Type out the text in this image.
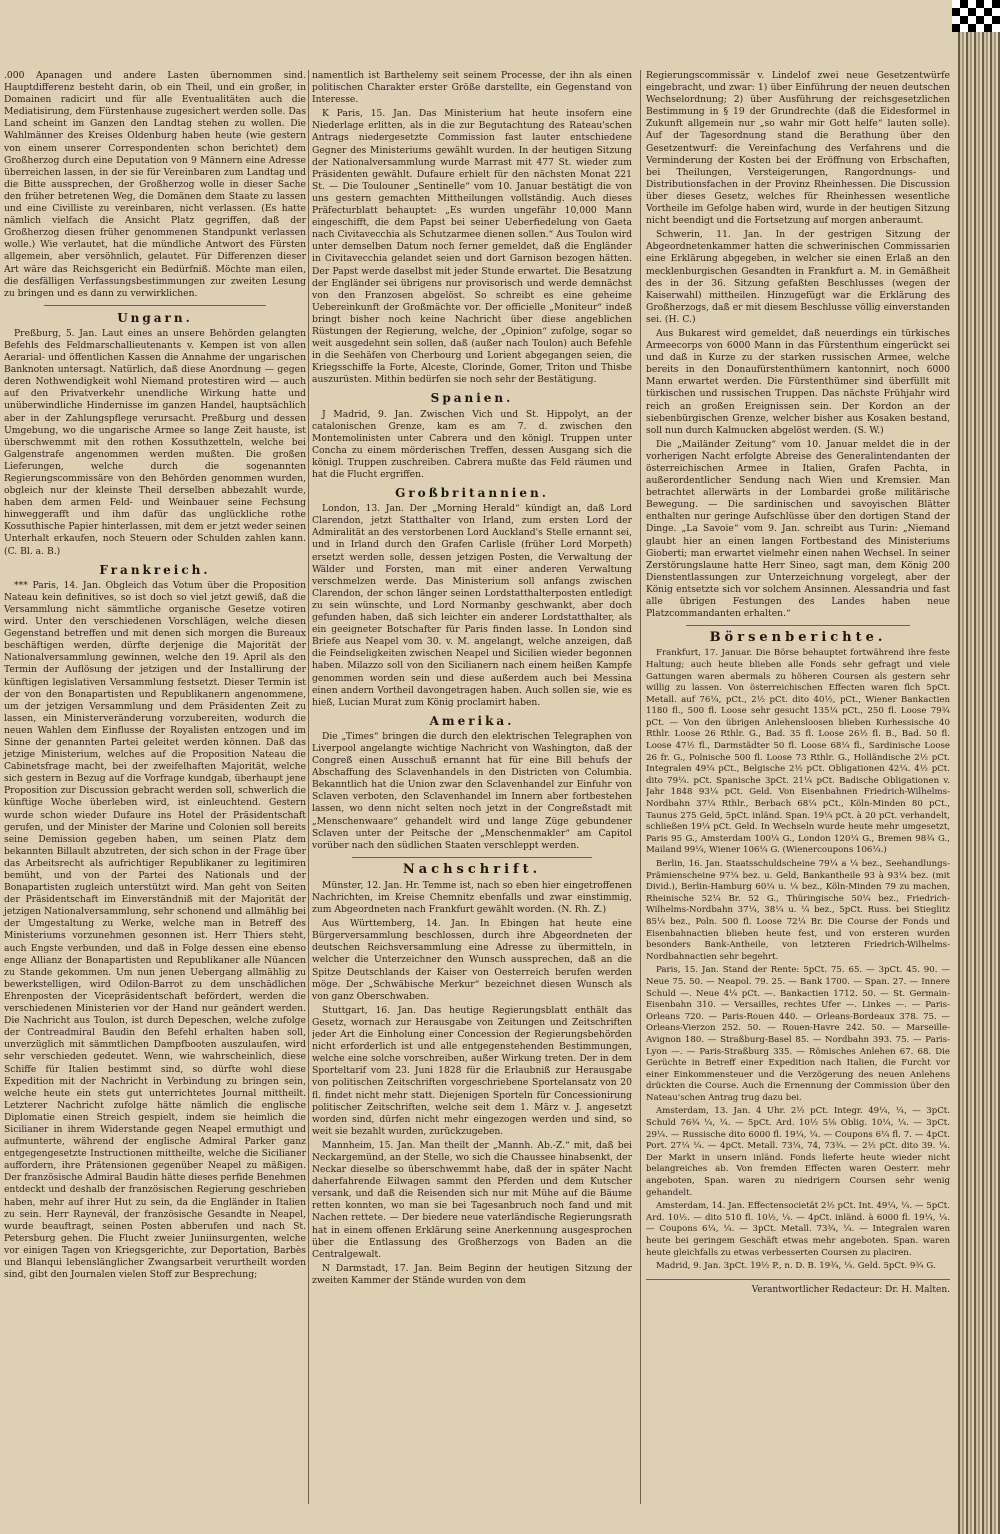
.000 Apanagen und andere Lasten übernommen sind. Hauptdifferenz besteht darin, ob ein Theil, und ein großer, in Domainen radicirt und für alle Eventualitäten auch die Mediatisirung, dem Fürstenhause zugesichert werden solle. Das Land scheint im Ganzen den Landtag stehen zu wollen. Die Wahlmänner des Kreises Oldenburg haben heute (wie gestern von einem unserer Correspondenten schon berichtet) dem Großherzog durch eine Deputation von 9 Männern eine Adresse überreichen lassen, in der sie für Vereinbaren zum Landtag und die Bitte aussprechen, der Großherzog wolle in dieser Sache den früher betretenen Weg, die Domänen dem Staate zu lassen und eine Civilliste zu vereinbaren, nicht verlassen. (Es hatte nämlich vielfach die Ansicht Platz gegriffen, daß der Großherzog diesen früher genommenen Standpunkt verlassen wolle.) Wie verlautet, hat die mündliche Antwort des Fürsten allgemein, aber versöhnlich, gelautet. Für Differenzen dieser Art wäre das Reichsgericht ein Bedürfniß. Möchte man eilen, die desfälligen Verfassungsbestimmungen zur zweiten Lesung zu bringen und es dann zu verwirklichen.

Ungarn.

Preßburg, 5. Jan. Laut eines an unsere Behörden gelangten Befehls des Feldmarschallieutenants v. Kempen ist von allen Aerarial- und öffentlichen Kassen die Annahme der ungarischen Banknoten untersagt. Natürlich, daß diese Anordnung — gegen deren Nothwendigkeit wohl Niemand protestiren wird — auch auf den Privatverkehr unendliche Wirkung hatte und unüberwindliche Hindernisse im ganzen Handel, hauptsächlich aber in der Zahlungspflege verursacht. Preßburg und dessen Umgebung, wo die ungarische Armee so lange Zeit hauste, ist überschwemmt mit den rothen Kossuthzetteln, welche bei Galgenstrafe angenommen werden mußten. Die großen Lieferungen, welche durch die sogenannten Regierungscommissäre von den Behörden genommen wurden, obgleich nur der kleinste Theil derselben abbezahlt wurde, haben dem armen Feld- und Weinbauer seine Fechsung hinweggerafft und ihm dafür das unglückliche rothe Kossuthische Papier hinterlassen, mit dem er jetzt weder seinen Unterhalt erkaufen, noch Steuern oder Schulden zahlen kann. (C. Bl. a. B.)

Frankreich.

*** Paris, 14. Jan. Obgleich das Votum über die Proposition Nateau kein definitives, so ist doch so viel jetzt gewiß, daß die Versammlung nicht sämmtliche organische Gesetze votiren wird. Unter den verschiedenen Vorschlägen, welche diesen Gegenstand betreffen und mit denen sich morgen die Bureaux beschäftigen werden, dürfte derjenige die Majorität der Nationalversammlung gewinnen, welche den 19. April als den Termin der Auflösung der jetzigen und der Installirung der künftigen legislativen Versammlung festsetzt. Dieser Termin ist der von den Bonapartisten und Republikanern angenommene, um der jetzigen Versammlung und dem Präsidenten Zeit zu lassen, ein Ministerveränderung vorzubereiten, wodurch die neuen Wahlen dem Einflusse der Royalisten entzogen und im Sinne der genannten Partei geleitet werden können. Daß das jetzige Ministerium, welches auf die Proposition Nateau die Cabinetsfrage macht, bei der zweifelhaften Majorität, welche sich gestern in Bezug auf die Vorfrage kundgab, überhaupt jene Proposition zur Discussion gebracht werden soll, schwerlich die künftige Woche überleben wird, ist einleuchtend. Gestern wurde schon wieder Dufaure ins Hotel der Präsidentschaft gerufen, und der Minister der Marine und Colonien soll bereits seine Demission gegeben haben, um seinen Platz dem bekannten Billault abzutreten, der sich schon in der Frage über das Arbeitsrecht als aufrichtiger Republikaner zu legitimiren bemüht, und von der Partei des Nationals und der Bonapartisten zugleich unterstützt wird. Man geht von Seiten der Präsidentschaft im Einverständniß mit der Majorität der jetzigen Nationalversammlung, sehr schonend und allmählig bei der Umgestaltung zu Werke, welche man in Betreff des Ministeriums vorzunehmen gesonnen ist. Herr Thiers steht, auch Engste verbunden, und daß in Folge dessen eine ebenso enge Allianz der Bonapartisten und Republikaner alle Nüancen zu Stande gekommen. Um nun jenen Uebergang allmählig zu bewerkstelligen, wird Odilon-Barrot zu dem unschädlichen Ehrenposten der Vicepräsidentschaft befördert, werden die verschiedenen Ministerien vor der Hand nur geändert werden. Die Nachricht aus Toulon, ist durch Depeschen, welche zufolge der Contreadmiral Baudin den Befehl erhalten haben soll, unverzüglich mit sämmtlichen Dampfbooten auszulaufen, wird sehr verschieden gedeutet. Wenn, wie wahrscheinlich, diese Schiffe für Italien bestimmt sind, so dürfte wohl diese Expedition mit der Nachricht in Verbindung zu bringen sein, welche heute ein stets gut unterrichtetes Journal mittheilt. Letzterer Nachricht zufolge hätte nämlich die englische Diplomatie einen Streich gespielt, indem sie heimlich die Sicilianer in ihrem Widerstande gegen Neapel ermuthigt und aufmunterte, während der englische Admiral Parker ganz entgegengesetzte Instructionen mittheilte, welche die Sicilianer auffordern, ihre Prätensionen gegenüber Neapel zu mäßigen. Der französische Admiral Baudin hätte dieses perfide Benehmen entdeckt und deshalb der französischen Regierung geschrieben haben, mehr auf ihrer Hut zu sein, da die Engländer in Italien zu sein. Herr Raynevál, der französische Gesandte in Neapel, wurde beauftragt, seinen Posten abberufen und nach St. Petersburg gehen. Die Flucht zweier Juniinsurgenten, welche vor einigen Tagen von Kriegsgerichte, zur Deportation, Barbès und Blanqui lebenslänglicher Zwangsarbeit verurtheilt worden sind, gibt den Journalen vielen Stoff zur Besprechung;

namentlich ist Barthelemy seit seinem Processe, der ihn als einen politischen Charakter erster Größe darstellte, ein Gegenstand von Interesse.

K Paris, 15. Jan. Das Ministerium hat heute insofern eine Niederlage erlitten, als in die zur Begutachtung des Rateau'schen Antrags niedergesetzte Commission fast lauter entschiedene Gegner des Ministeriums gewählt wurden. In der heutigen Sitzung der Nationalversammlung wurde Marrast mit 477 St. wieder zum Präsidenten gewählt. Dufaure erhielt für den nächsten Monat 221 St. — Die Toulouner „Sentinelle“ vom 10. Januar bestätigt die von uns gestern gemachten Mittheilungen vollständig. Auch dieses Präfecturblatt behauptet: „Es wurden ungefähr 10,000 Mann eingeschifft, die dem Papst bei seiner Ueberfiedelung von Gaeta nach Civitavecchia als Schutzarmee dienen sollen.“ Aus Toulon wird unter demselben Datum noch ferner gemeldet, daß die Engländer in Civitavecchia gelandet seien und dort Garnison bezogen hätten. Der Papst werde daselbst mit jeder Stunde erwartet. Die Besatzung der Engländer sei übrigens nur provisorisch und werde demnächst von den Franzosen abgelöst. So schreibt es eine geheime Uebereinkunft der Großmächte vor. Der officielle „Moniteur“ indeß bringt bisher noch keine Nachricht über diese angeblichen Rüstungen der Regierung, welche, der „Opinion“ zufolge, sogar so weit ausgedehnt sein sollen, daß (außer nach Toulon) auch Befehle in die Seehäfen von Cherbourg und Lorient abgegangen seien, die Kriegsschiffe la Forte, Alceste, Clorinde, Gomer, Triton und Thisbe auszurüsten. Mithin bedürfen sie noch sehr der Bestätigung.

Spanien.

J Madrid, 9. Jan. Zwischen Vich und St. Hippolyt, an der catalonischen Grenze, kam es am 7. d. zwischen den Montemolinisten unter Cabrera und den königl. Truppen unter Concha zu einem mörderischen Treffen, dessen Ausgang sich die königl. Truppen zuschreiben. Cabrera mußte das Feld räumen und hat die Flucht ergriffen.

Großbritannien.

London, 13. Jan. Der „Morning Herald“ kündigt an, daß Lord Clarendon, jetzt Statthalter von Irland, zum ersten Lord der Admiralität an des verstorbenen Lord Auckland's Stelle ernannt sei, und in Irland durch den Grafen Carlisle (früher Lord Morpeth) ersetzt werden solle, dessen jetzigen Posten, die Verwaltung der Wälder und Forsten, man mit einer anderen Verwaltung verschmelzen werde. Das Ministerium soll anfangs zwischen Clarendon, der schon länger seinen Lordstatthalterposten entledigt zu sein wünschte, und Lord Normanby geschwankt, aber doch gefunden haben, daß sich leichter ein anderer Lordstatthalter, als ein geeigneter Botschafter für Paris finden lasse. In London sind Briefe aus Neapel vom 30. v. M. angelangt, welche anzeigen, daß die Feindseligkeiten zwischen Neapel und Sicilien wieder begonnen haben. Milazzo soll von den Sicilianern nach einem heißen Kampfe genommen worden sein und diese außerdem auch bei Messina einen andern Vortheil davongetragen haben. Auch sollen sie, wie es hieß, Lucian Murat zum König proclamirt haben.

Amerika.

Die „Times“ bringen die durch den elektrischen Telegraphen von Liverpool angelangte wichtige Nachricht von Washington, daß der Congreß einen Ausschuß ernannt hat für eine Bill behufs der Abschaffung des Sclavenhandels in den Districten von Columbia. Bekanntlich hat die Union zwar den Sclavenhandel zur Einfuhr von Sclaven verboten, den Sclavenhandel im Innern aber fortbestehen lassen, wo denn nicht selten noch jetzt in der Congreßstadt mit „Menschenwaare“ gehandelt wird und lange Züge gebundener Sclaven unter der Peitsche der „Menschenmakler“ am Capitol vorüber nach den südlichen Staaten verschleppt werden.

Nachschrift.

Münster, 12. Jan. Hr. Temme ist, nach so eben hier eingetroffenen Nachrichten, im Kreise Chemnitz ebenfalls und zwar einstimmig, zum Abgeordneten nach Frankfurt gewählt worden. (N. Rh. Z.)

Aus Württemberg, 14. Jan. In Ebingen hat heute eine Bürgerversammlung beschlossen, durch ihre Abgeordneten der deutschen Reichsversammlung eine Adresse zu übermitteln, in welcher die Unterzeichner den Wunsch aussprechen, daß an die Spitze Deutschlands der Kaiser von Oesterreich berufen werden möge. Der „Schwäbische Merkur“ bezeichnet diesen Wunsch als von ganz Oberschwaben.

Stuttgart, 16. Jan. Das heutige Regierungsblatt enthält das Gesetz, wornach zur Herausgabe von Zeitungen und Zeitschriften jeder Art die Einholung einer Concession der Regierungsbehörden nicht erforderlich ist und alle entgegenstehenden Bestimmungen, welche eine solche vorschreiben, außer Wirkung treten. Der in dem Sporteltarif vom 23. Juni 1828 für die Erlaubniß zur Herausgabe von politischen Zeitschriften vorgeschriebene Sportelansatz von 20 fl. findet nicht mehr statt. Diejenigen Sporteln für Concessionirung politischer Zeitschriften, welche seit dem 1. März v. J. angesetzt worden sind, dürfen nicht mehr eingezogen werden und sind, so weit sie bezahlt wurden, zurückzugeben.

Mannheim, 15. Jan. Man theilt der „Mannh. Ab.-Z.“ mit, daß bei Neckargemünd, an der Stelle, wo sich die Chaussee hinabsenkt, der Neckar dieselbe so überschwemmt habe, daß der in später Nacht daherfahrende Eilwagen sammt den Pferden und dem Kutscher versank, und daß die Reisenden sich nur mit Mühe auf die Bäume retten konnten, wo man sie bei Tagesanbruch noch fand und mit Nachen rettete. — Der biedere neue vaterländische Regierungsrath hat in einem offenen Erklärung seine Anerkennung ausgesprochen über die Entlassung des Großherzogs von Baden an die Centralgewalt.

N Darmstadt, 17. Jan. Beim Beginn der heutigen Sitzung der zweiten Kammer der Stände wurden von dem

Regierungscommissär v. Lindelof zwei neue Gesetzentwürfe eingebracht, und zwar: 1) über Einführung der neuen deutschen Wechselordnung; 2) über Ausführung der reichsgesetzlichen Bestimmung in § 19 der Grundrechte (daß die Eidesformel in Zukunft allgemein nur „so wahr mir Gott helfe“ lauten solle). Auf der Tagesordnung stand die Berathung über den Gesetzentwurf: die Vereinfachung des Verfahrens und die Verminderung der Kosten bei der Eröffnung von Erbschaften, bei Theilungen, Versteigerungen, Rangordnungs- und Distributionsfachen in der Provinz Rheinhessen. Die Discussion über dieses Gesetz, welches für Rheinhessen wesentliche Vortheile im Gefolge haben wird, wurde in der heutigen Sitzung nicht beendigt und die Fortsetzung auf morgen anberaumt.

Schwerin, 11. Jan. In der gestrigen Sitzung der Abgeordnetenkammer hatten die schwerinischen Commissarien eine Erklärung abgegeben, in welcher sie einen Erlaß an den mecklenburgischen Gesandten in Frankfurt a. M. in Gemäßheit des in der 36. Sitzung gefaßten Beschlusses (wegen der Kaiserwahl) mittheilen. Hinzugefügt war die Erklärung des Großherzogs, daß er mit diesem Beschlusse völlig einverstanden sei. (H. C.)

Aus Bukarest wird gemeldet, daß neuerdings ein türkisches Armeecorps von 6000 Mann in das Fürstenthum eingerückt sei und daß in Kurze zu der starken russischen Armee, welche bereits in den Donaufürstenthümern kantonnirt, noch 6000 Mann erwartet werden. Die Fürstenthümer sind überfüllt mit türkischen und russischen Truppen. Das nächste Frühjahr wird reich an großen Ereignissen sein. Der Kordon an der siebenbürgischen Grenze, welcher bisher aus Kosaken bestand, soll nun durch Kalmucken abgelöst werden. (S. W.)

Die „Mailänder Zeitung“ vom 10. Januar meldet die in der vorherigen Nacht erfolgte Abreise des Generalintendanten der österreichischen Armee in Italien, Grafen Pachta, in außerordentlicher Sendung nach Wien und Kremsier. Man betrachtet allerwärts in der Lombardei große militärische Bewegung. — Die sardinischen und savoyischen Blätter enthalten nur geringe Aufschlüsse über den dortigen Stand der Dinge. „La Savoie“ vom 9. Jan. schreibt aus Turin: „Niemand glaubt hier an einen langen Fortbestand des Ministeriums Gioberti; man erwartet vielmehr einen nahen Wechsel. In seiner Zerstörungslaune hatte Herr Sineo, sagt man, dem König 200 Dienstentlassungen zur Unterzeichnung vorgelegt, aber der König entsetzte sich vor solchem Ansinnen. Alessandria und fast alle übrigen Festungen des Landes haben neue Platzcommandanten erhalten.“

Börsenberichte.

Frankfurt, 17. Januar. Die Börse behauptet fortwährend ihre feste Haltung; auch heute blieben alle Fonds sehr gefragt und viele Gattungen waren abermals zu höheren Coursen als gestern sehr willig zu lassen. Von österreichischen Effecten waren flch 5pCt. Metall. auf 76¼, pCt., 2½ pCt. dito 40½, pCt., Wiener Bankactien 1180 fl., 500 fl. Loose sehr gesucht 135¼ pCt., 250 fl. Loose 79¾ pCt. — Von den übrigen Anlehensloosen blieben Kurhessische 40 Rthlr. Loose 26 Rthlr. G., Bad. 35 fl. Loose 26½ fl. B., Bad. 50 fl. Loose 47½ fl., Darmstädter 50 fl. Loose 68¼ fl., Sardinische Loose 26 fr. G., Polnische 500 fl. Loose 73 Rthlr. G., Holländische 2½ pCt. Integralen 49¼ pCt., Belgische 2½ pCt. Obligationen 42¼. 4½ pCt. dito 79¼. pCt. Spanische 3pCt. 21¼ pCt. Badische Obligationen v. Jahr 1848 93¼ pCt. Geld. Von Eisenbahnen Friedrich-Wilhelms-Nordbahn 37¼ Rthlr., Berbach 68¼ pCt., Köln-Minden 80 pCt., Taunus 275 Geld, 5pCt. inländ. Span. 19¼ pCt. à 20 pCt. verhandelt, schließen 19¼ pCt. Geld. In Wechseln wurde heute mehr umgesetzt, Paris 95 G., Amsterdam 100¼ G., London 120¼ G., Bremen 98¾ G., Mailand 99¼, Wiener 106¼ G. (Wienercoupons 106¼.)

Berlin, 16. Jan. Staatsschuldscheine 79¼ a ¼ bez., Seehandlungs-Prämienscheine 97¼ bez. u. Geld, Bankantheile 93 à 93¼ bez. (mit Divid.), Berlin-Hamburg 60¼ u. ¼ bez., Köln-Minden 79 zu machen, Rheinische 52¼ Br. 52 G., Thüringische 50¼ bez., Friedrich-Wilhelms-Nordbahn 37¼, 38¼ u. ¼ bez., 5pCt. Russ. bei Stieglitz 85¼ bez., Poln. 500 fl. Loose 72¼ Br. Die Course der Fonds und Eisenbahnactien blieben heute fest, und von ersteren wurden besonders Bank-Antheile, von letzteren Friedrich-Wilhelms-Nordbahnactien sehr begehrt.

Paris, 15. Jan. Stand der Rente: 5pCt. 75. 65. — 3pCt. 45. 90. — Neue 75. 50. — Neapol. 79. 25. — Bank 1700. — Span. 27. — Innere Schuld —. Neue 4¼ pCt. —. Bankactien 1712. 50. — St. Germain-Eisenbahn 310. — Versailles, rechtes Ufer —. Linkes —. — Paris-Orleans 720. — Paris-Rouen 440. — Orleans-Bordeaux 378. 75. — Orleans-Vierzon 252. 50. — Rouen-Havre 242. 50. — Marseille-Avignon 180. — Straßburg-Basel 85. — Nordbahn 393. 75. — Paris-Lyon —. — Paris-Straßburg 335. — Römisches Anlehen 67. 68. Die Gerüchte in Betreff einer Expedition nach Italien, die Furcht vor einer Einkommensteuer und die Verzögerung des neuen Anlehens drückten die Course. Auch die Ernennung der Commission über den Nateau'schen Antrag trug dazu bei.

Amsterdam, 13. Jan. 4 Uhr. 2½ pCt. Integr. 49¼, ¼, — 3pCt. Schuld 76¾ ¼, ¼. — 5pCt. Ard. 10½ 5⅛ Oblig. 10¼, ¼. — 3pCt. 29¼. — Russische dito 6000 fl. 19¼, ¼. — Coupons 6¼ fl. 7. — 4pCt. Port. 27¼ ¼. — 4pCt. Metall. 73¼, 74, 73¾. — 2½ pCt. dito 39. ¼. Der Markt in unsern inländ. Fonds lieferte heute wieder nicht belangreiches ab. Von fremden Effecten waren Oesterr. mehr angeboten, Span. waren zu niedrigern Coursen sehr wenig gehandelt.

Amsterdam, 14. Jan. Effectensocietät 2½ pCt. Int. 49¼, ¼. — 5pCt. Ard. 10½. — dito 510 fl. 10½, ¼. — 4pCt. inländ. à 6000 fl. 19¼, ¼. — Coupons 6¼, ¼. — 3pCt. Metall. 73¾, ¼. — Integralen waren heute bei geringem Geschäft etwas mehr angeboten. Span. waren heute gleichfalls zu etwas verbesserten Coursen zu placiren.

Madrid, 9. Jan. 3pCt. 19½ P., n. D. B. 19¾, ¼. Geld. 5pCt. 9¾ G.

Verantwortlicher Redacteur: Dr. H. Malten.
